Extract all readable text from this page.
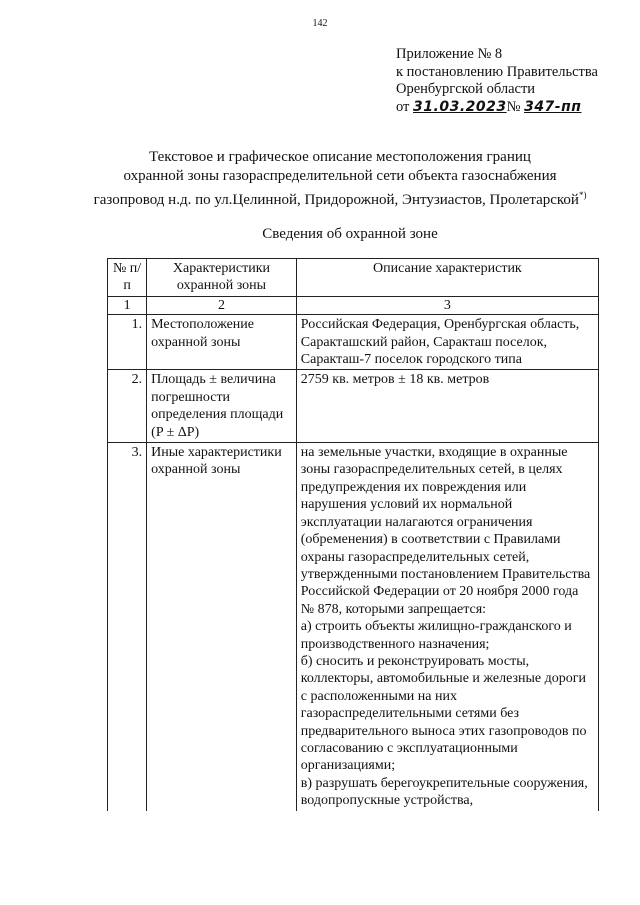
142
Приложение № 8
к постановлению Правительства
Оренбургской области
от 31.03.2023№ 347-пп
Текстовое и графическое описание местоположения границ
охранной зоны газораспределительной сети объекта газоснабжения
газопровод н.д. по ул.Целинной, Придорожной, Энтузиастов, Пролетарской*)
Сведения об охранной зоне
№ п/п	Характеристики охранной зоны	Описание характеристик
1	2	3
1.	Местоположение охранной зоны	Российская Федерация, Оренбургская область, Саракташский район, Саракташ поселок, Саракташ-7 поселок городского типа
2.	Площадь ± величина погрешности определения площади (P ± ΔP)	2759 кв. метров ± 18 кв. метров
3.	Иные характеристики охранной зоны	на земельные участки, входящие в охранные зоны газораспределительных сетей, в целях предупреждения их повреждения или нарушения условий их нормальной эксплуатации налагаются ограничения (обременения) в соответствии с Правилами охраны газораспределительных сетей, утвержденными постановлением Правительства Российской Федерации от 20 ноября 2000 года № 878, которыми запрещается:
а) строить объекты жилищно-гражданского и производственного назначения;
б) сносить и реконструировать мосты, коллекторы, автомобильные и железные дороги с расположенными на них газораспределительными сетями без предварительного выноса этих газопроводов по согласованию с эксплуатационными организациями;
в) разрушать берегоукрепительные сооружения, водопропускные устройства,
